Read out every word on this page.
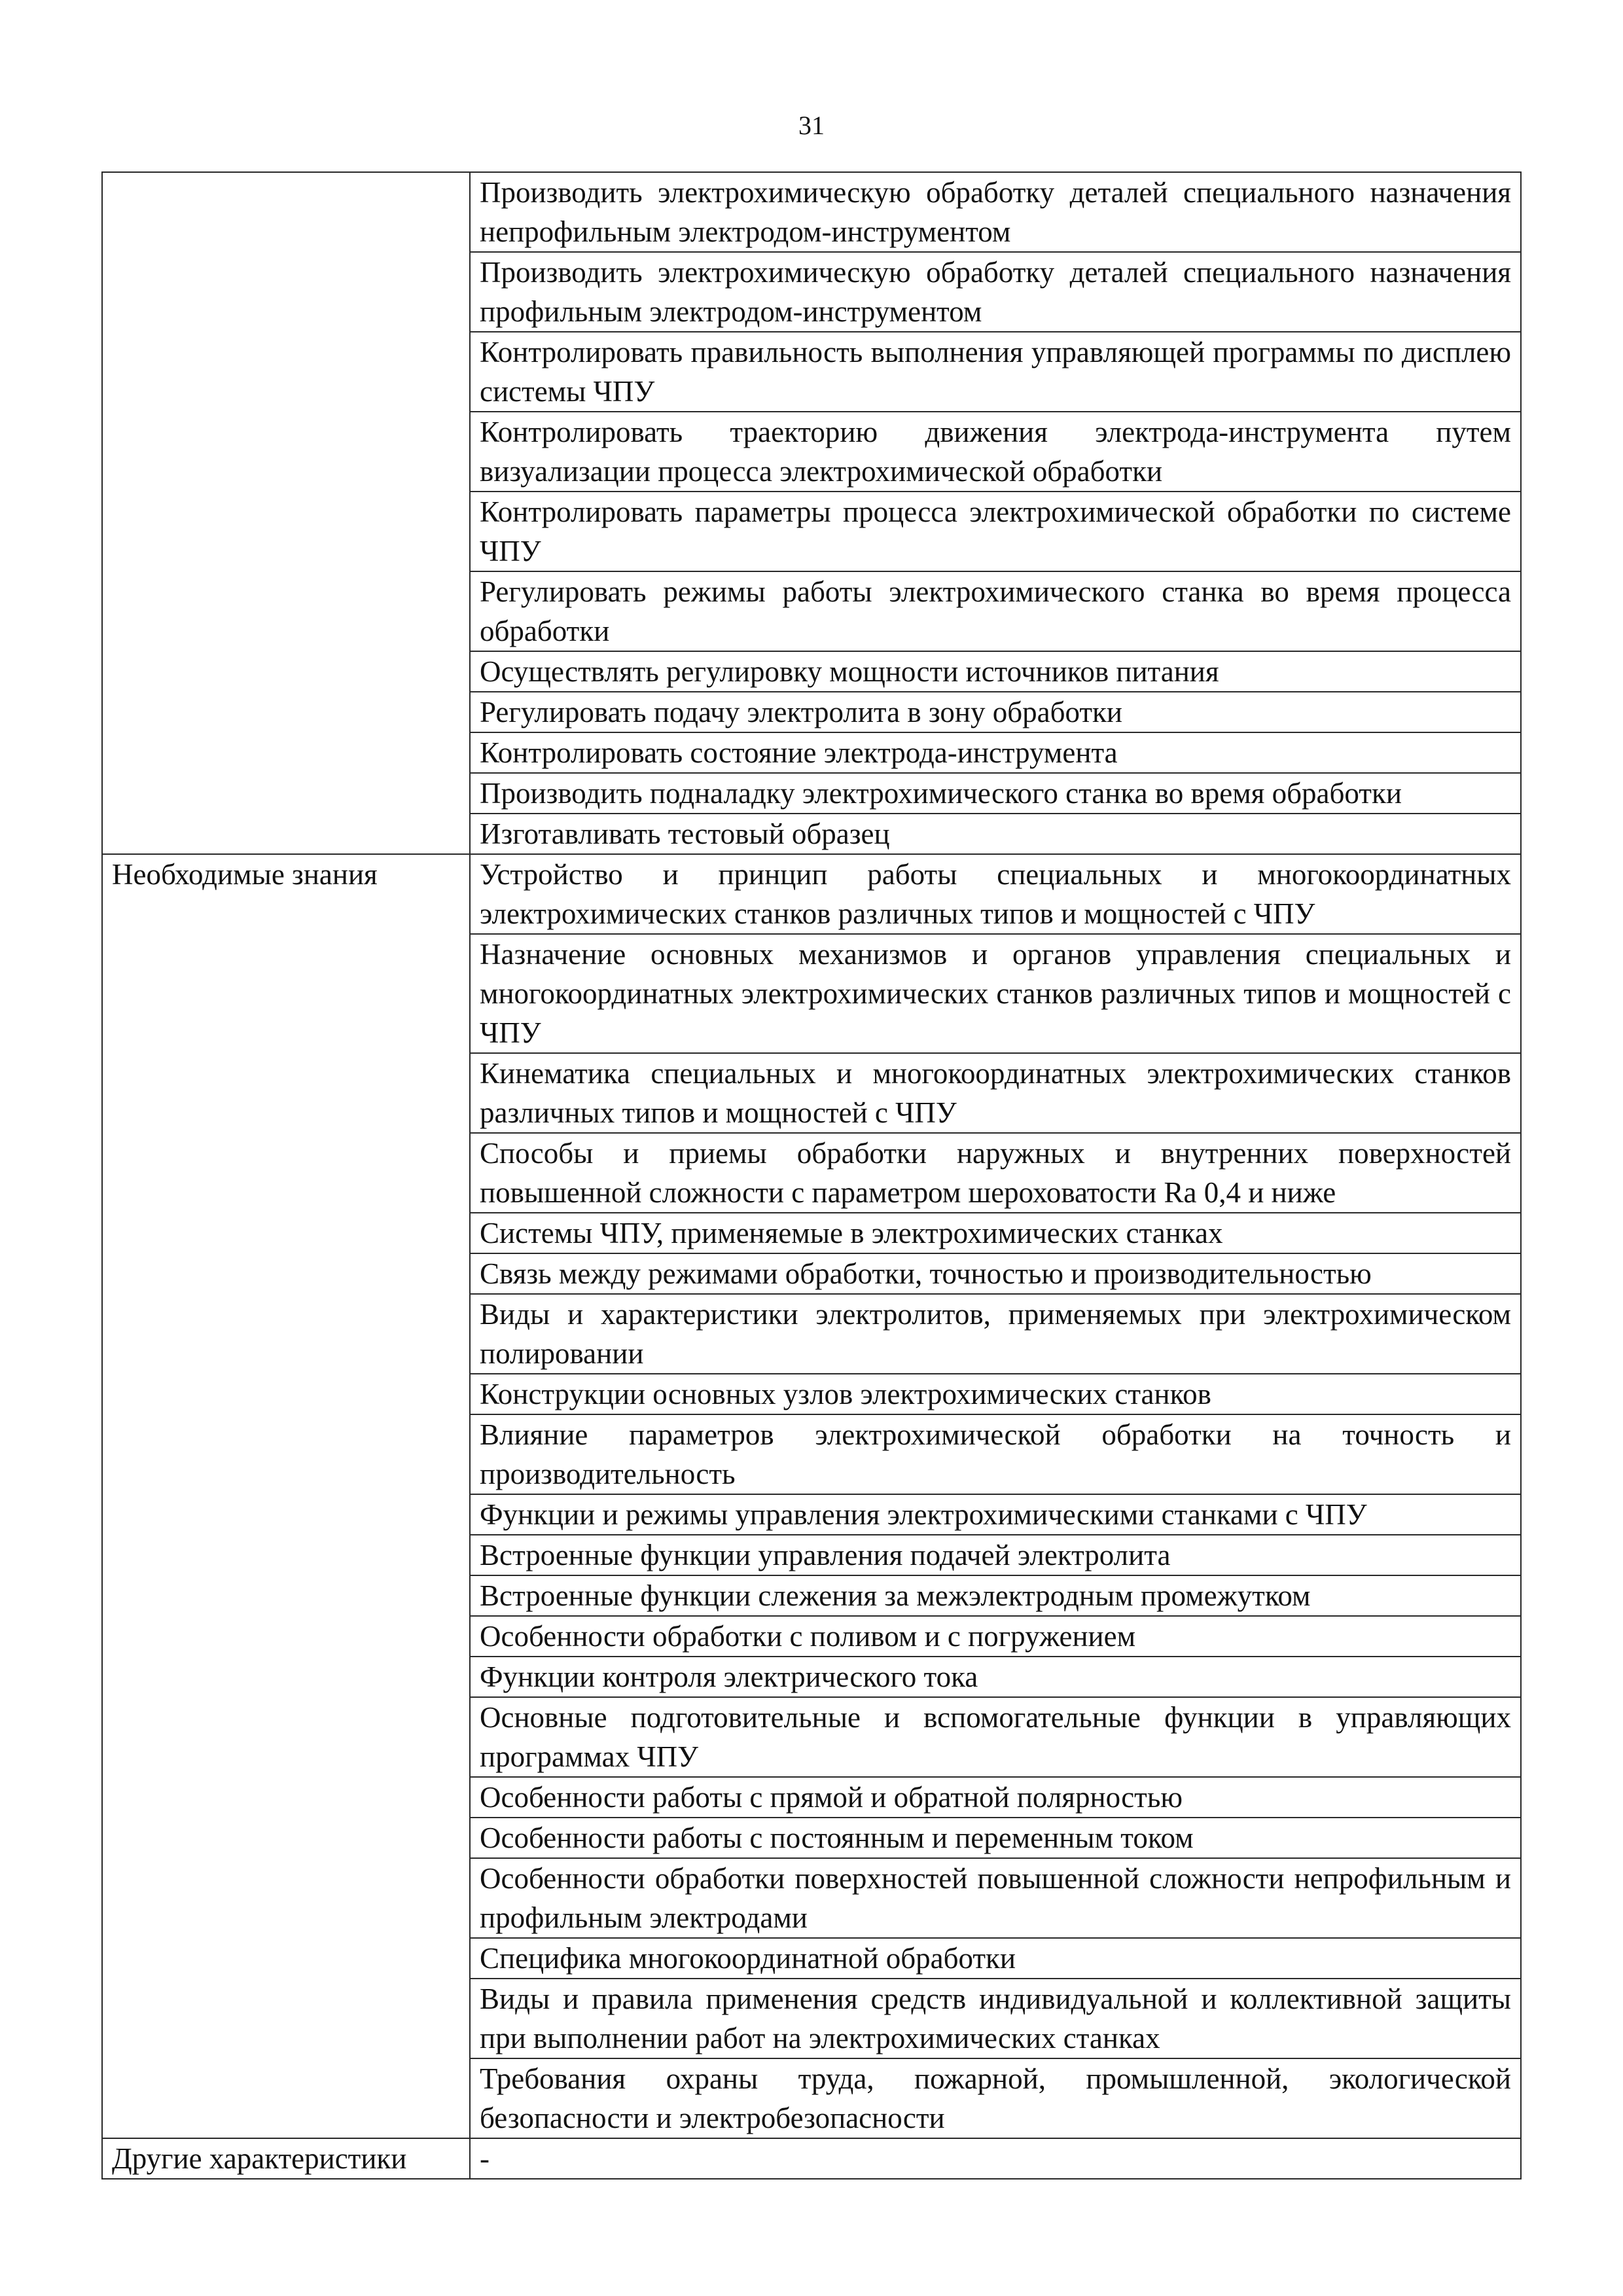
31
	Производить электрохимическую обработку деталей специального назначения непрофильным электродом-инструментом
	Производить электрохимическую обработку деталей специального назначения профильным электродом-инструментом
	Контролировать правильность выполнения управляющей программы по дисплею системы ЧПУ
	Контролировать траекторию движения электрода-инструмента путем визуализации процесса электрохимической обработки
	Контролировать параметры процесса электрохимической обработки по системе ЧПУ
	Регулировать режимы работы электрохимического станка во время процесса обработки
	Осуществлять регулировку мощности источников питания
	Регулировать подачу электролита в зону обработки
	Контролировать состояние электрода-инструмента
	Производить подналадку электрохимического станка во время обработки
	Изготавливать тестовый образец
Необходимые знания	Устройство и принцип работы специальных и многокоординатных электрохимических станков различных типов и мощностей с ЧПУ
	Назначение основных механизмов и органов управления специальных и многокоординатных электрохимических станков различных типов и мощностей с ЧПУ
	Кинематика специальных и многокоординатных электрохимических станков различных типов и мощностей с ЧПУ
	Способы и приемы обработки наружных и внутренних поверхностей повышенной сложности с параметром шероховатости Ra 0,4 и ниже
	Системы ЧПУ, применяемые в электрохимических станках
	Связь между режимами обработки, точностью и производительностью
	Виды и характеристики электролитов, применяемых при электрохимическом полировании
	Конструкции основных узлов электрохимических станков
	Влияние параметров электрохимической обработки на точность и производительность
	Функции и режимы управления электрохимическими станками с ЧПУ
	Встроенные функции управления подачей электролита
	Встроенные функции слежения за межэлектродным промежутком
	Особенности обработки с поливом и с погружением
	Функции контроля электрического тока
	Основные подготовительные и вспомогательные функции в управляющих программах ЧПУ
	Особенности работы с прямой и обратной полярностью
	Особенности работы с постоянным и переменным током
	Особенности обработки поверхностей повышенной сложности непрофильным и профильным электродами
	Специфика многокоординатной обработки
	Виды и правила применения средств индивидуальной и коллективной защиты при выполнении работ на электрохимических станках
	Требования охраны труда, пожарной, промышленной, экологической безопасности и электробезопасности
Другие характеристики	-
